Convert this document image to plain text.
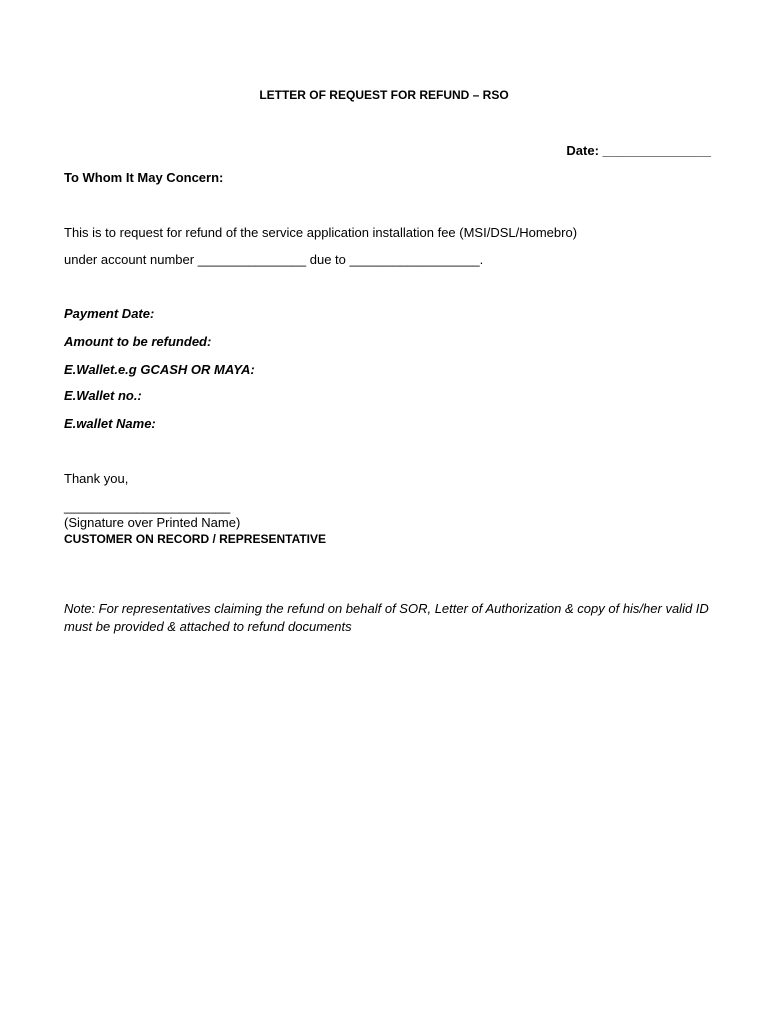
LETTER OF REQUEST FOR REFUND – RSO
Date: _______________
To Whom It May Concern:
This is to request for refund of the service application installation fee (MSI/DSL/Homebro)
under account number _______________ due to __________________.
Payment Date:
Amount to be refunded:
E.Wallet.e.g GCASH OR MAYA:
E.Wallet no.:
E.wallet Name:
Thank you,
_______________________
(Signature over Printed Name)
CUSTOMER ON RECORD / REPRESENTATIVE
Note: For representatives claiming the refund on behalf of SOR, Letter of Authorization & copy of his/her valid ID must be provided & attached to refund documents
